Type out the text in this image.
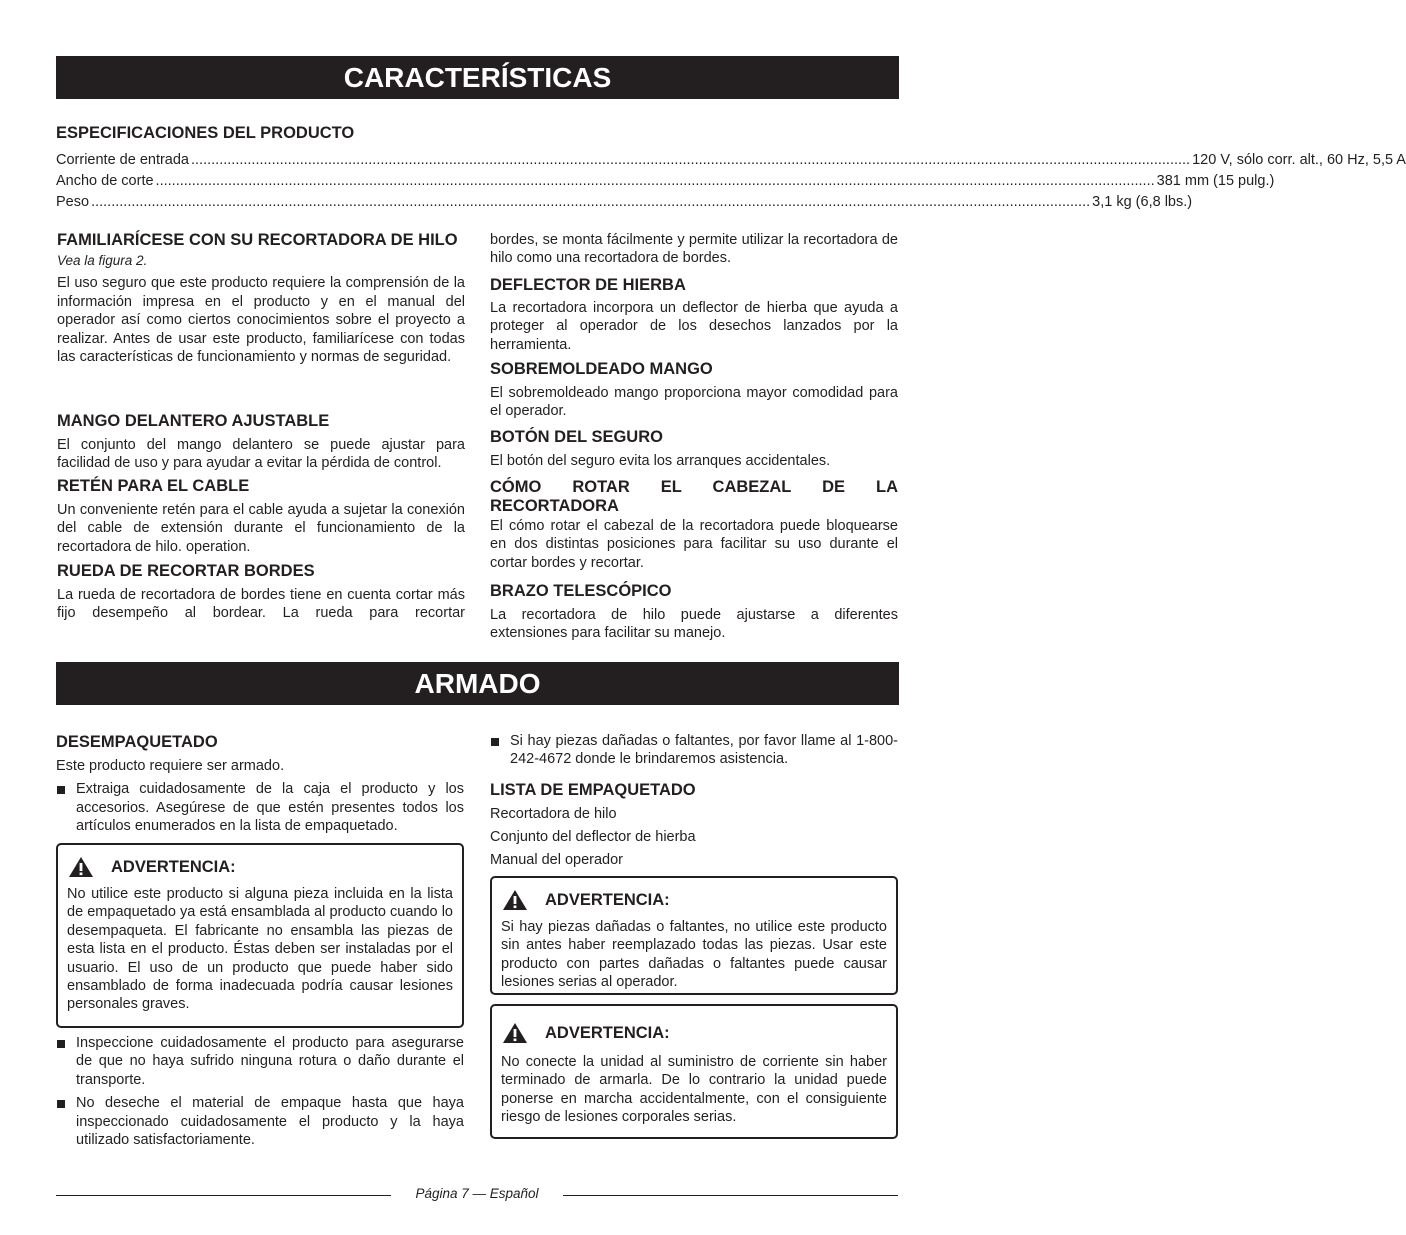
CARACTERÍSTICAS
ESPECIFICACIONES DEL PRODUCTO
Corriente de entrada ........................................................................................................................................................................................................................................................ 120 V, sólo corr. alt., 60 Hz, 5,5 A
Ancho de corte ........................................................................................................................................................................................................................................................ 381 mm (15 pulg.)
Peso ........................................................................................................................................................................................................................................................ 3,1 kg (6,8 lbs.)
FAMILIARÍCESE CON SU RECORTADORA DE HILO

Vea la figura 2.

El uso seguro que este producto requiere la comprensión de la información impresa en el producto y en el manual del operador así como ciertos conocimientos sobre el proyecto a realizar. Antes de usar este producto, familiarícese con todas las características de funcionamiento y normas de seguridad.

MANGO DELANTERO AJUSTABLE

El conjunto del mango delantero se puede ajustar para facilidad de uso y para ayudar a evitar la pérdida de control.

RETÉN PARA EL CABLE

Un conveniente retén para el cable ayuda a sujetar la conexión del cable de extensión durante el funcionamiento de la recortadora de hilo. operation.

RUEDA DE RECORTAR BORDES

La rueda de recortadora de bordes tiene en cuenta cortar más fijo desempeño al bordear. La rueda para recortar

bordes, se monta fácilmente y permite utilizar la recortadora de hilo como una recortadora de bordes.

DEFLECTOR DE HIERBA

La recortadora incorpora un deflector de hierba que ayuda a proteger al operador de los desechos lanzados por la herramienta.

SOBREMOLDEADO MANGO

El sobremoldeado mango proporciona mayor comodidad para el operador.

BOTÓN DEL SEGURO

El botón del seguro evita los arranques accidentales.

CÓMO ROTAR EL CABEZAL DE LA
RECORTADORA

El cómo rotar el cabezal de la recortadora puede bloquearse en dos distintas posiciones para facilitar su uso durante el cortar bordes y recortar.

BRAZO TELESCÓPICO

La recortadora de hilo puede ajustarse a diferentes extensiones para facilitar su manejo.

ARMADO
DESEMPAQUETADO

Este producto requiere ser armado.

Extraiga cuidadosamente de la caja el producto y los accesorios. Asegúrese de que estén presentes todos los artículos enumerados en la lista de empaquetado.
ADVERTENCIA:

No utilice este producto si alguna pieza incluida en la lista de empaquetado ya está ensamblada al producto cuando lo desempaqueta. El fabricante no ensambla las piezas de esta lista en el producto. Éstas deben ser instaladas por el usuario. El uso de un producto que puede haber sido ensamblado de forma inadecuada podría causar lesiones personales graves.

Inspeccione cuidadosamente el producto para asegurarse de que no haya sufrido ninguna rotura o daño durante el transporte.
No deseche el material de empaque hasta que haya inspeccionado cuidadosamente el producto y la haya utilizado satisfactoriamente.
Si hay piezas dañadas o faltantes, por favor llame al 1-800-242-4672 donde le brindaremos asistencia.
LISTA DE EMPAQUETADO

Recortadora de hilo

Conjunto del deflector de hierba

Manual del operador

ADVERTENCIA:

Si hay piezas dañadas o faltantes, no utilice este producto sin antes haber reemplazado todas las piezas. Usar este producto con partes dañadas o faltantes puede causar lesiones serias al operador.

ADVERTENCIA:

No conecte la unidad al suministro de corriente sin haber terminado de armarla. De lo contrario la unidad puede ponerse en marcha accidentalmente, con el consiguiente riesgo de lesiones corporales serias.

Página 7 — Español
